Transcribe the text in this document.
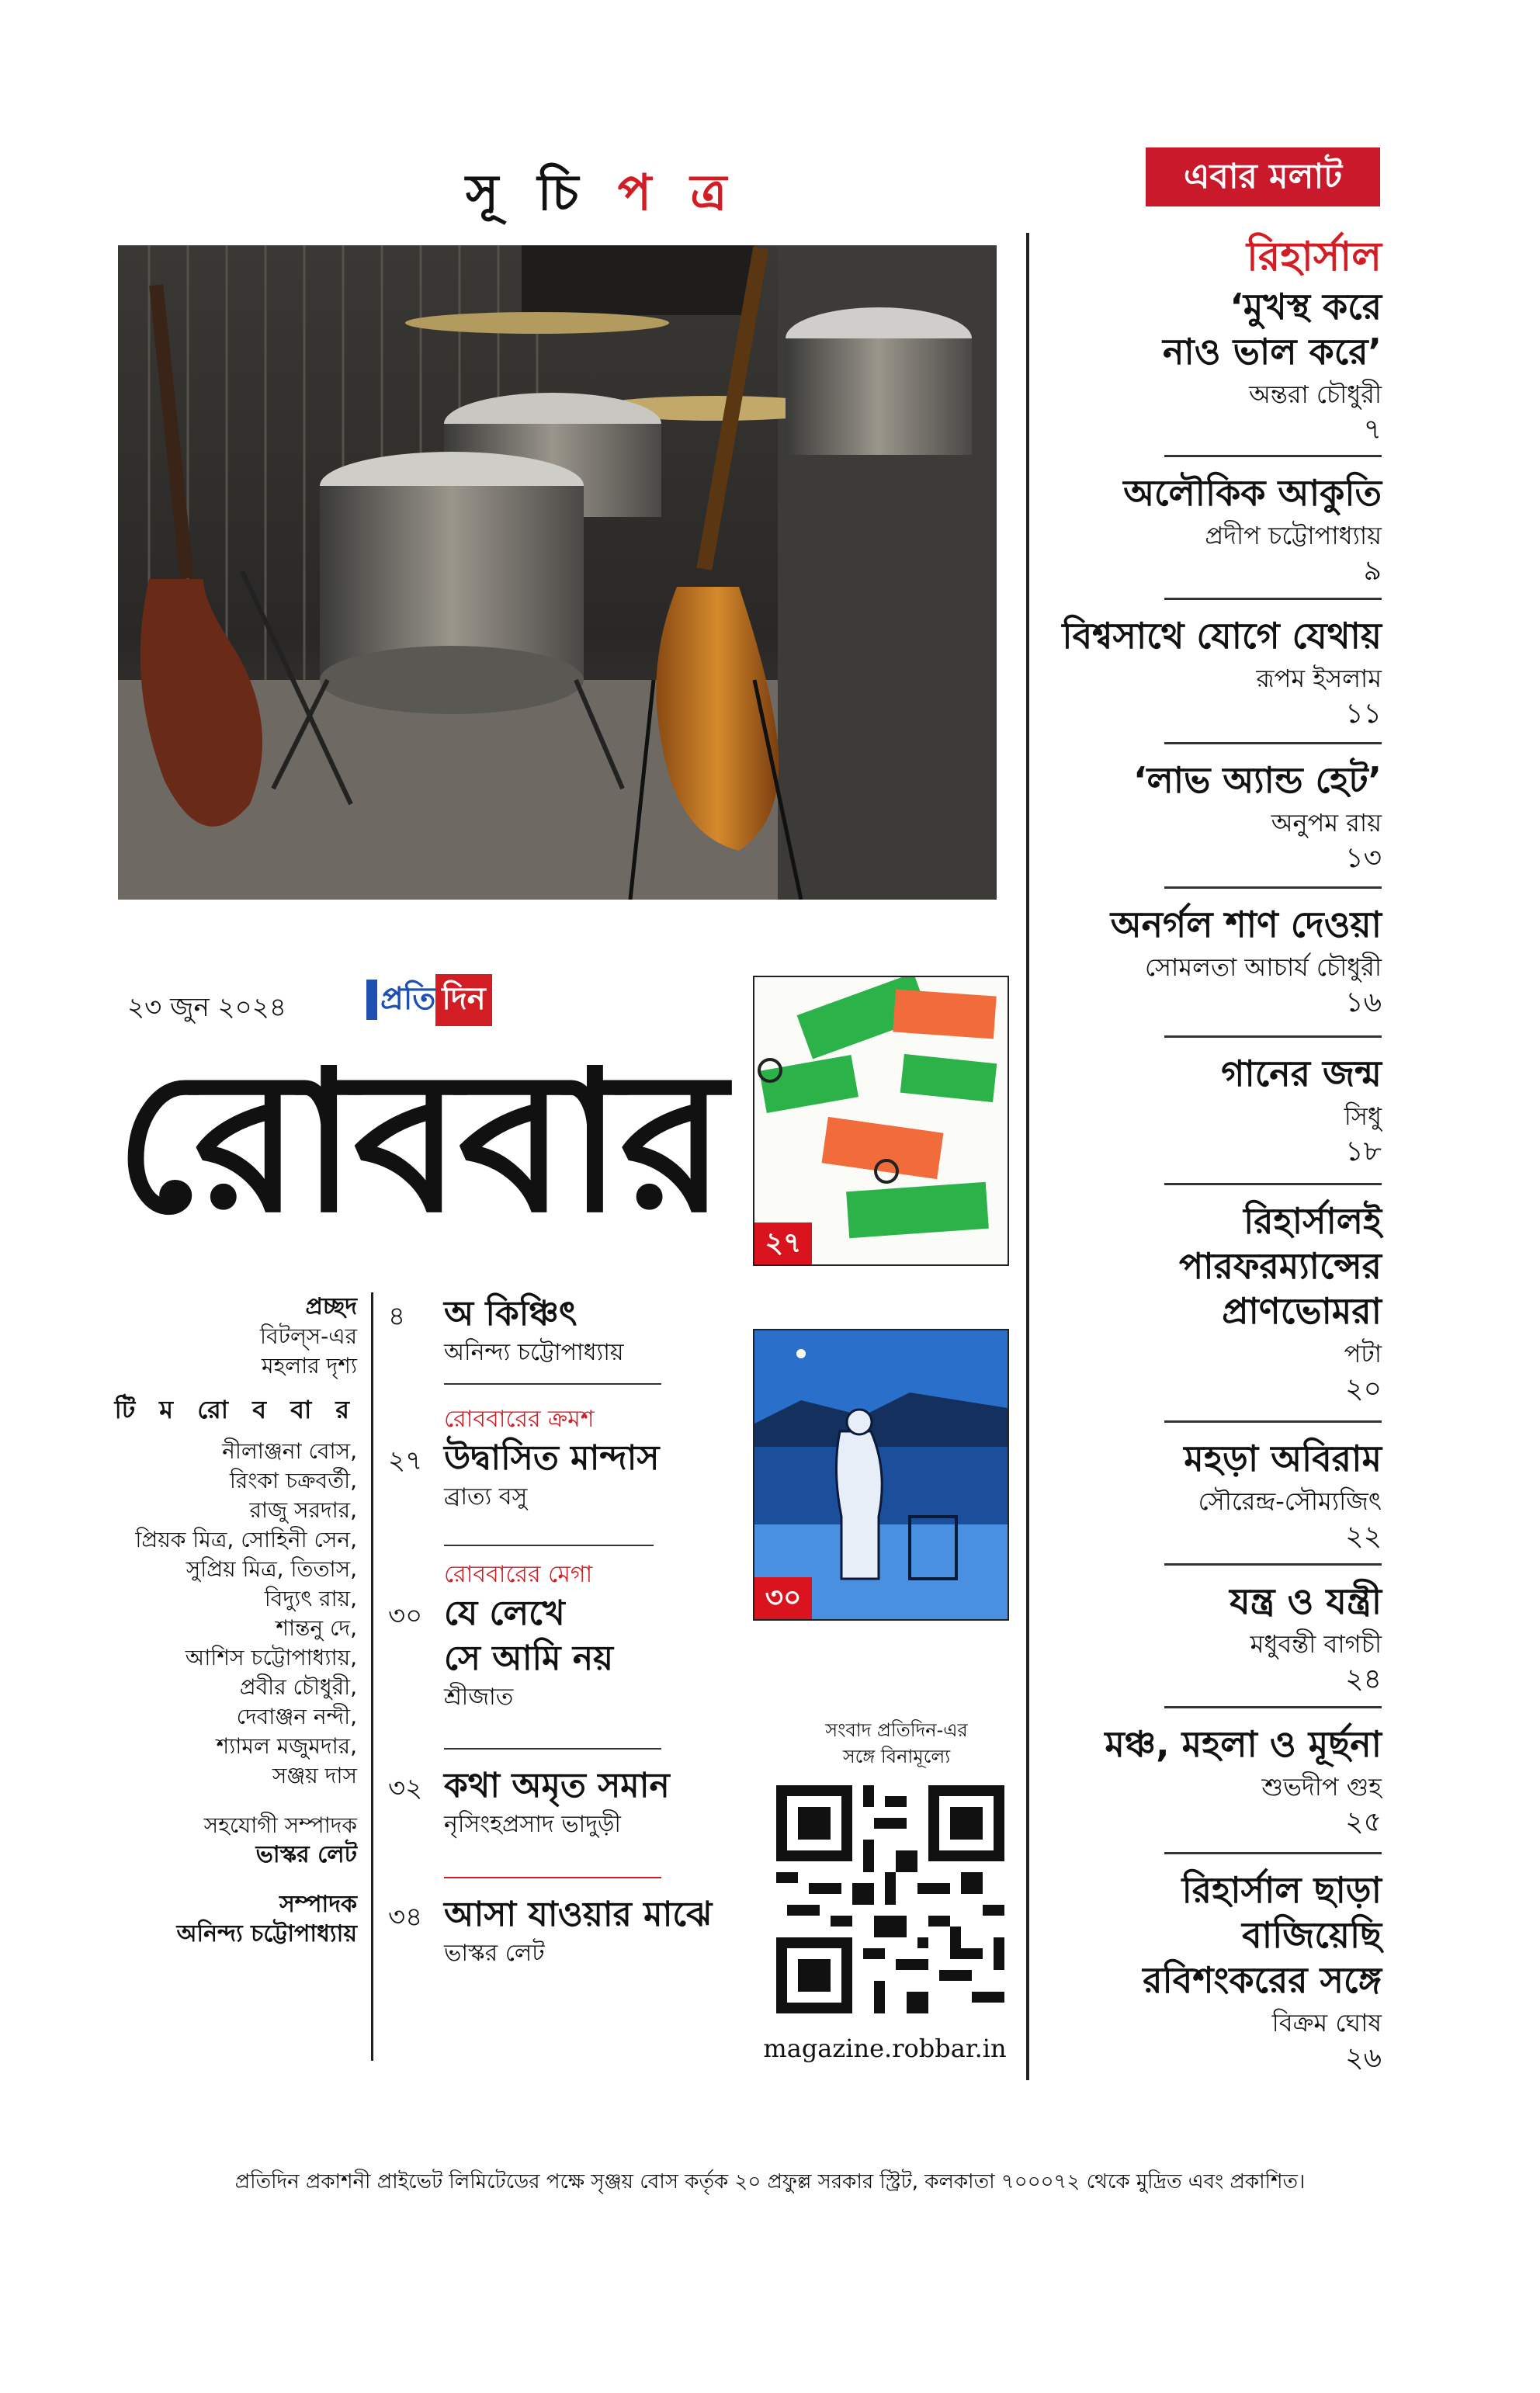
সূ চি প ত্র	এবার মলাট
রিহার্সাল
‘মুখস্থ করে
নাও ভাল করে’
অন্তরা চৌধুরী
৭
অলৌকিক আকুতি
প্রদীপ চট্টোপাধ্যায়
৯
বিশ্বসাথে যোগে যেথায়
রূপম ইসলাম
১১
‘লাভ অ্যান্ড হেট’
অনুপম রায়
১৩
অনর্গল শাণ দেওয়া
সোমলতা আচার্য চৌধুরী
১৬
গানের জন্ম
সিধু
১৮
রিহার্সালই
পারফরম্যান্সের
প্রাণভোমরা
পটা
২০
মহড়া অবিরাম
সৌরেন্দ্র-সৌম্যজিৎ
২২
যন্ত্র ও যন্ত্রী
মধুবন্তী বাগচী
২৪
মঞ্চ, মহলা ও মূর্ছনা
শুভদীপ গুহ
২৫
রিহার্সাল ছাড়া
বাজিয়েছি
রবিশংকরের সঙ্গে
বিক্রম ঘোষ
২৬
২৩ জুন ২০২৪	প্রতি দিন
রোববার	২৭
৩০
প্রচ্ছদ
বিটল্‌স-এর
মহলার দৃশ্য
টি ম রো ব বা র
নীলাঞ্জনা বোস,
রিংকা চক্রবর্তী,
রাজু সরদার,
প্রিয়ক মিত্র, সোহিনী সেন,
সুপ্রিয় মিত্র, তিতাস,
বিদ্যুৎ রায়,
শান্তনু দে,
আশিস চট্টোপাধ্যায়,
প্রবীর চৌধুরী,
দেবাঞ্জন নন্দী,
শ্যামল মজুমদার,
সঞ্জয় দাস
সহযোগী সম্পাদক
ভাস্কর লেট
সম্পাদক
অনিন্দ্য চট্টোপাধ্যায়
৪ অ কিঞ্চিৎ
অনিন্দ্য চট্টোপাধ্যায়
রোববারের ক্রমশ
২৭ উদ্বাসিত মান্দাস
ব্রাত্য বসু
রোববারের মেগা
৩০ যে লেখে
সে আমি নয়
শ্রীজাত
৩২ কথা অমৃত সমান
নৃসিংহপ্রসাদ ভাদুড়ী
৩৪ আসা যাওয়ার মাঝে
ভাস্কর লেট
সংবাদ প্রতিদিন-এর
সঙ্গে বিনামূল্যে
magazine.robbar.in
প্রতিদিন প্রকাশনী প্রাইভেট লিমিটেডের পক্ষে সৃঞ্জয় বোস কর্তৃক ২০ প্রফুল্ল সরকার স্ট্রিট, কলকাতা ৭০০০৭২ থেকে মুদ্রিত এবং প্রকাশিত।
